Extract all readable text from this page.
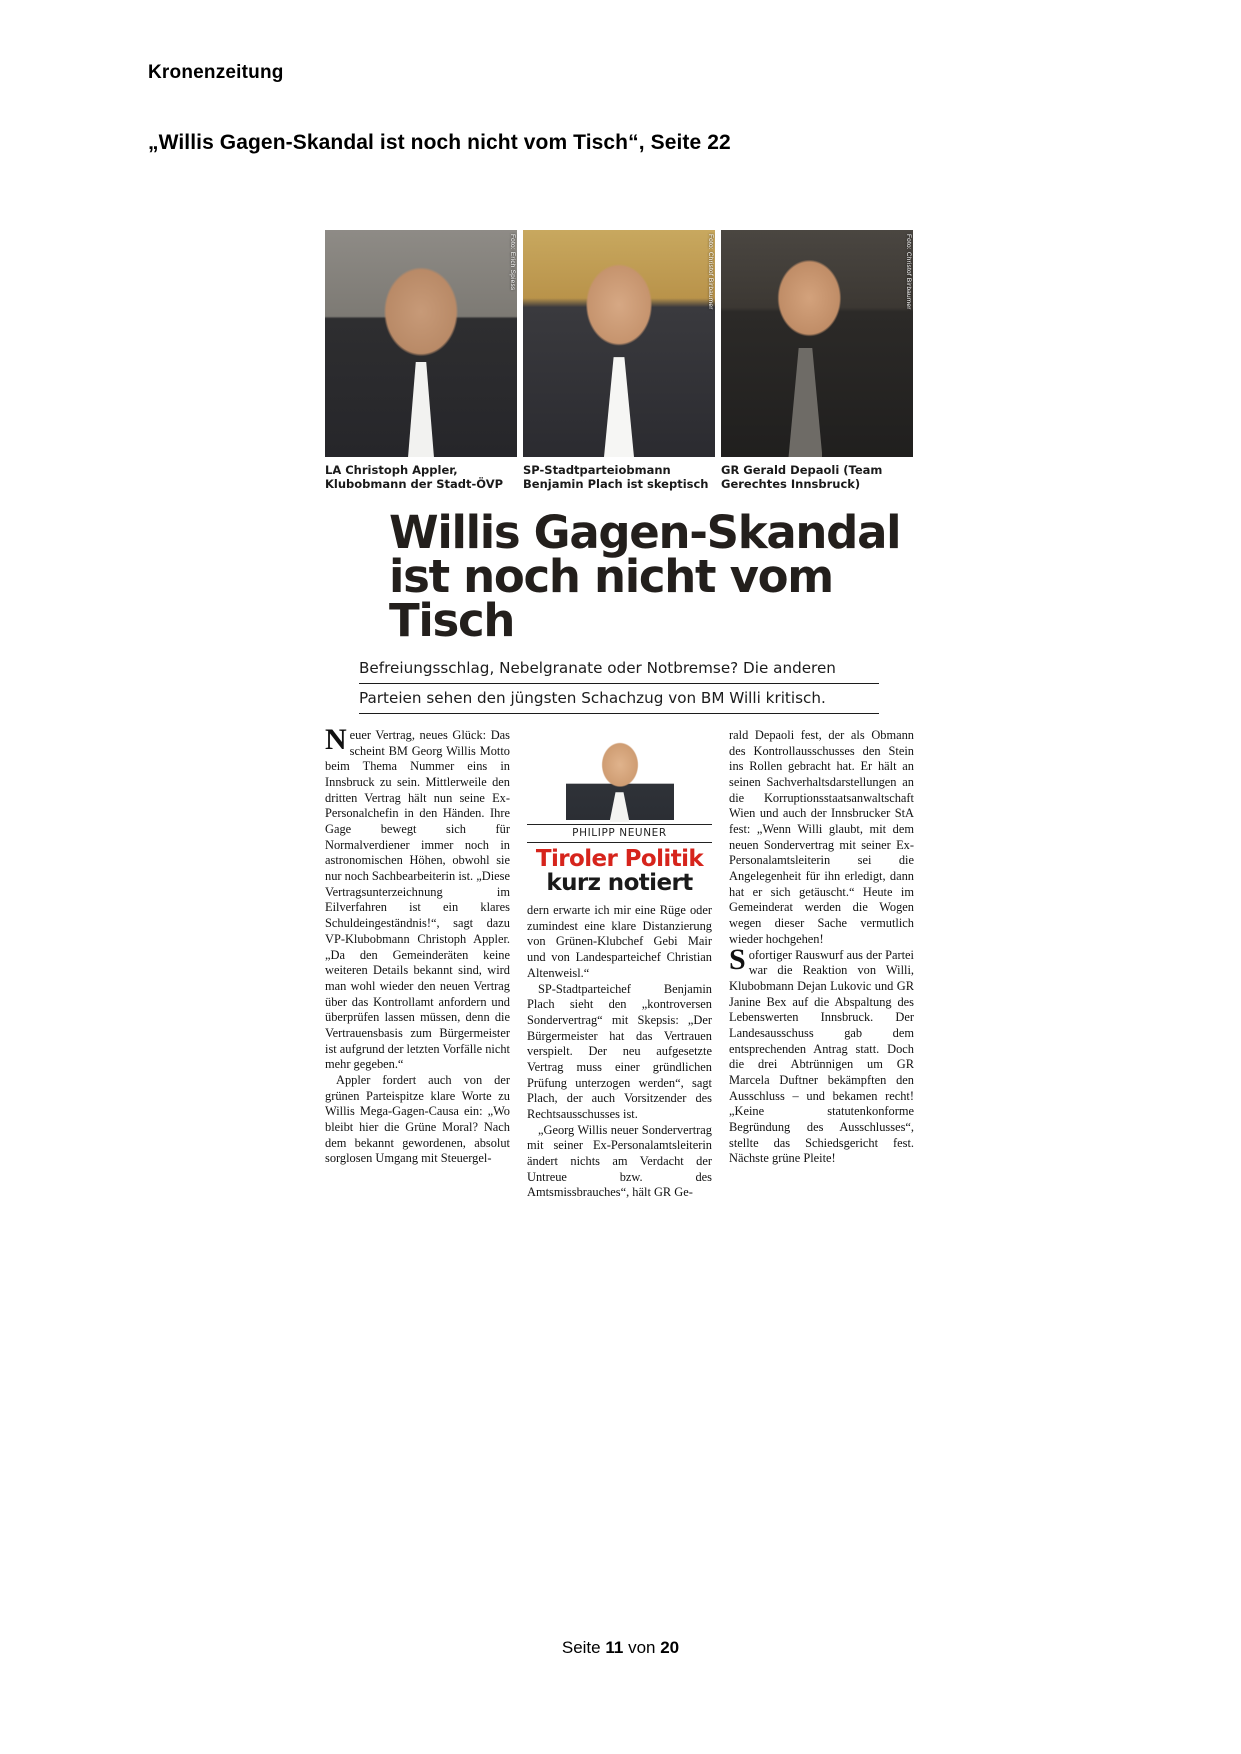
Kronenzeitung
„Willis Gagen-Skandal ist noch nicht vom Tisch“, Seite 22
Foto: Erich Spiess
LA Christoph Appler, Klubobmann der Stadt-ÖVP
Foto: Christof Birbaumer
SP-Stadtparteiobmann Benjamin Plach ist skeptisch
Foto: Christof Birbaumer
GR Gerald Depaoli (Team Gerechtes Innsbruck)
Willis Gagen-Skandal
ist noch nicht vom Tisch
Befreiungsschlag, Nebelgranate oder Notbremse? Die anderen
Parteien sehen den jüngsten Schachzug von BM Willi kritisch.

Neuer Vertrag, neues Glück: Das scheint BM Georg Willis Motto beim Thema Nummer eins in Innsbruck zu sein. Mittlerweile den dritten Vertrag hält nun seine Ex-Personalchefin in den Händen. Ihre Gage bewegt sich für Normalverdiener immer noch in astronomischen Höhen, obwohl sie nur noch Sachbearbeiterin ist. „Diese Vertragsunterzeichnung im Eilverfahren ist ein klares Schuldeingeständnis!“, sagt dazu VP-Klubobmann Christoph Appler. „Da den Gemeinderäten keine weiteren Details bekannt sind, wird man wohl wieder den neuen Vertrag über das Kontrollamt anfordern und überprüfen lassen müssen, denn die Vertrauensbasis zum Bürgermeister ist aufgrund der letzten Vorfälle nicht mehr gegeben.“

Appler fordert auch von der grünen Parteispitze klare Worte zu Willis Mega-Gagen-Causa ein: „Wo bleibt hier die Grüne Moral? Nach dem bekannt gewordenen, absolut sorglosen Umgang mit Steuergel-

PHILIPP NEUNER
Tiroler Politik
kurz notiert

dern erwarte ich mir eine Rüge oder zumindest eine klare Distanzierung von Grünen-Klubchef Gebi Mair und von Landesparteichef Christian Altenweisl.“

SP-Stadtparteichef Benjamin Plach sieht den „kontroversen Sondervertrag“ mit Skepsis: „Der Bürgermeister hat das Vertrauen verspielt. Der neu aufgesetzte Vertrag muss einer gründlichen Prüfung unterzogen werden“, sagt Plach, der auch Vorsitzender des Rechtsausschusses ist.

„Georg Willis neuer Sondervertrag mit seiner Ex-Personalamtsleiterin ändert nichts am Verdacht der Untreue bzw. des Amtsmissbrauches“, hält GR Ge-

rald Depaoli fest, der als Obmann des Kontrollausschusses den Stein ins Rollen gebracht hat. Er hält an seinen Sachverhaltsdarstellungen an die Korruptionsstaatsanwaltschaft Wien und auch der Innsbrucker StA fest: „Wenn Willi glaubt, mit dem neuen Sondervertrag mit seiner Ex-Personalamtsleiterin sei die Angelegenheit für ihn erledigt, dann hat er sich getäuscht.“ Heute im Gemeinderat werden die Wogen wegen dieser Sache vermutlich wieder hochgehen!

Sofortiger Rauswurf aus der Partei war die Reaktion von Willi, Klubobmann Dejan Lukovic und GR Janine Bex auf die Abspaltung des Lebenswerten Innsbruck. Der Landesausschuss gab dem entsprechenden Antrag statt. Doch die drei Abtrünnigen um GR Marcela Duftner bekämpften den Ausschluss – und bekamen recht! „Keine statutenkonforme Begründung des Ausschlusses“, stellte das Schiedsgericht fest. Nächste grüne Pleite!

Seite 11 von 20
